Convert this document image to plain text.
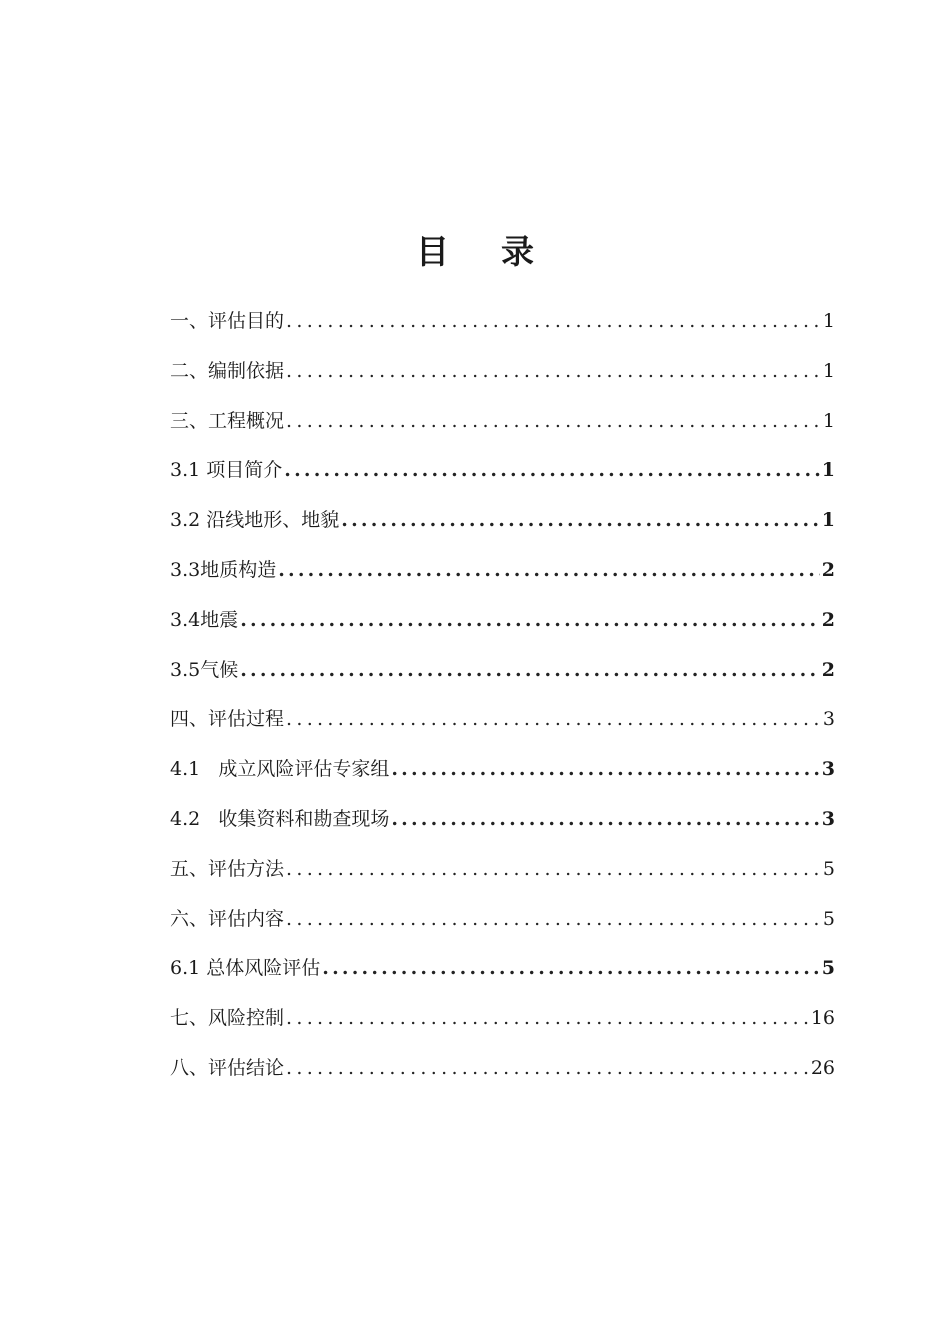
目录
一、评估目的 .....	1
二、编制依据 .....	1
三、工程概况 .....	1
3.1 项目简介 .....	1
3.2 沿线地形、地貌 .....	1
3.3地质构造 .....	2
3.4地震 .....	2
3.5气候 .....	2
四、评估过程 .....	3
4.1   成立风险评估专家组 .....	3
4.2   收集资料和勘查现场 .....	3
五、评估方法 .....	5
六、评估内容 .....	5
6.1 总体风险评估 .....	5
七、风险控制 .....	16
八、评估结论 .....	26
